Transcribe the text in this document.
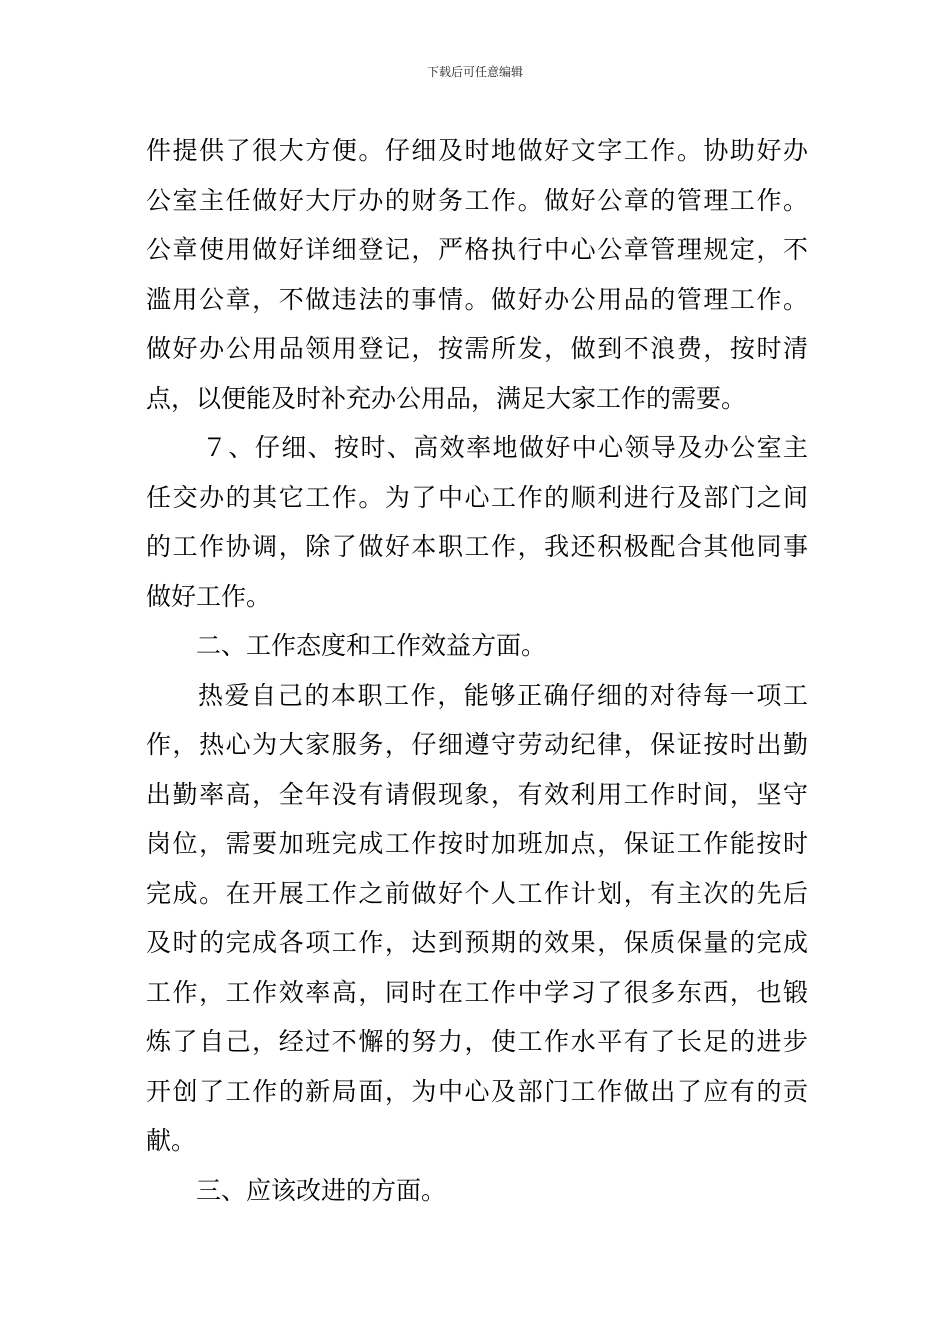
下载后可任意编辑
件提供了很大方便。仔细及时地做好文字工作。协助好办
公室主任做好大厅办的财务工作。做好公章的管理工作。
公章使用做好详细登记，严格执行中心公章管理规定，不
滥用公章，不做违法的事情。做好办公用品的管理工作。
做好办公用品领用登记，按需所发，做到不浪费，按时清
点，以便能及时补充办公用品，满足大家工作的需要。
７、仔细、按时、高效率地做好中心领导及办公室主
任交办的其它工作。为了中心工作的顺利进行及部门之间
的工作协调，除了做好本职工作，我还积极配合其他同事
做好工作。
二、工作态度和工作效益方面。
热爱自己的本职工作，能够正确仔细的对待每一项工
作，热心为大家服务，仔细遵守劳动纪律，保证按时出勤
出勤率高，全年没有请假现象，有效利用工作时间，坚守
岗位，需要加班完成工作按时加班加点，保证工作能按时
完成。在开展工作之前做好个人工作计划，有主次的先后
及时的完成各项工作，达到预期的效果，保质保量的完成
工作，工作效率高，同时在工作中学习了很多东西，也锻
炼了自己，经过不懈的努力，使工作水平有了长足的进步
开创了工作的新局面，为中心及部门工作做出了应有的贡
献。
三、应该改进的方面。
